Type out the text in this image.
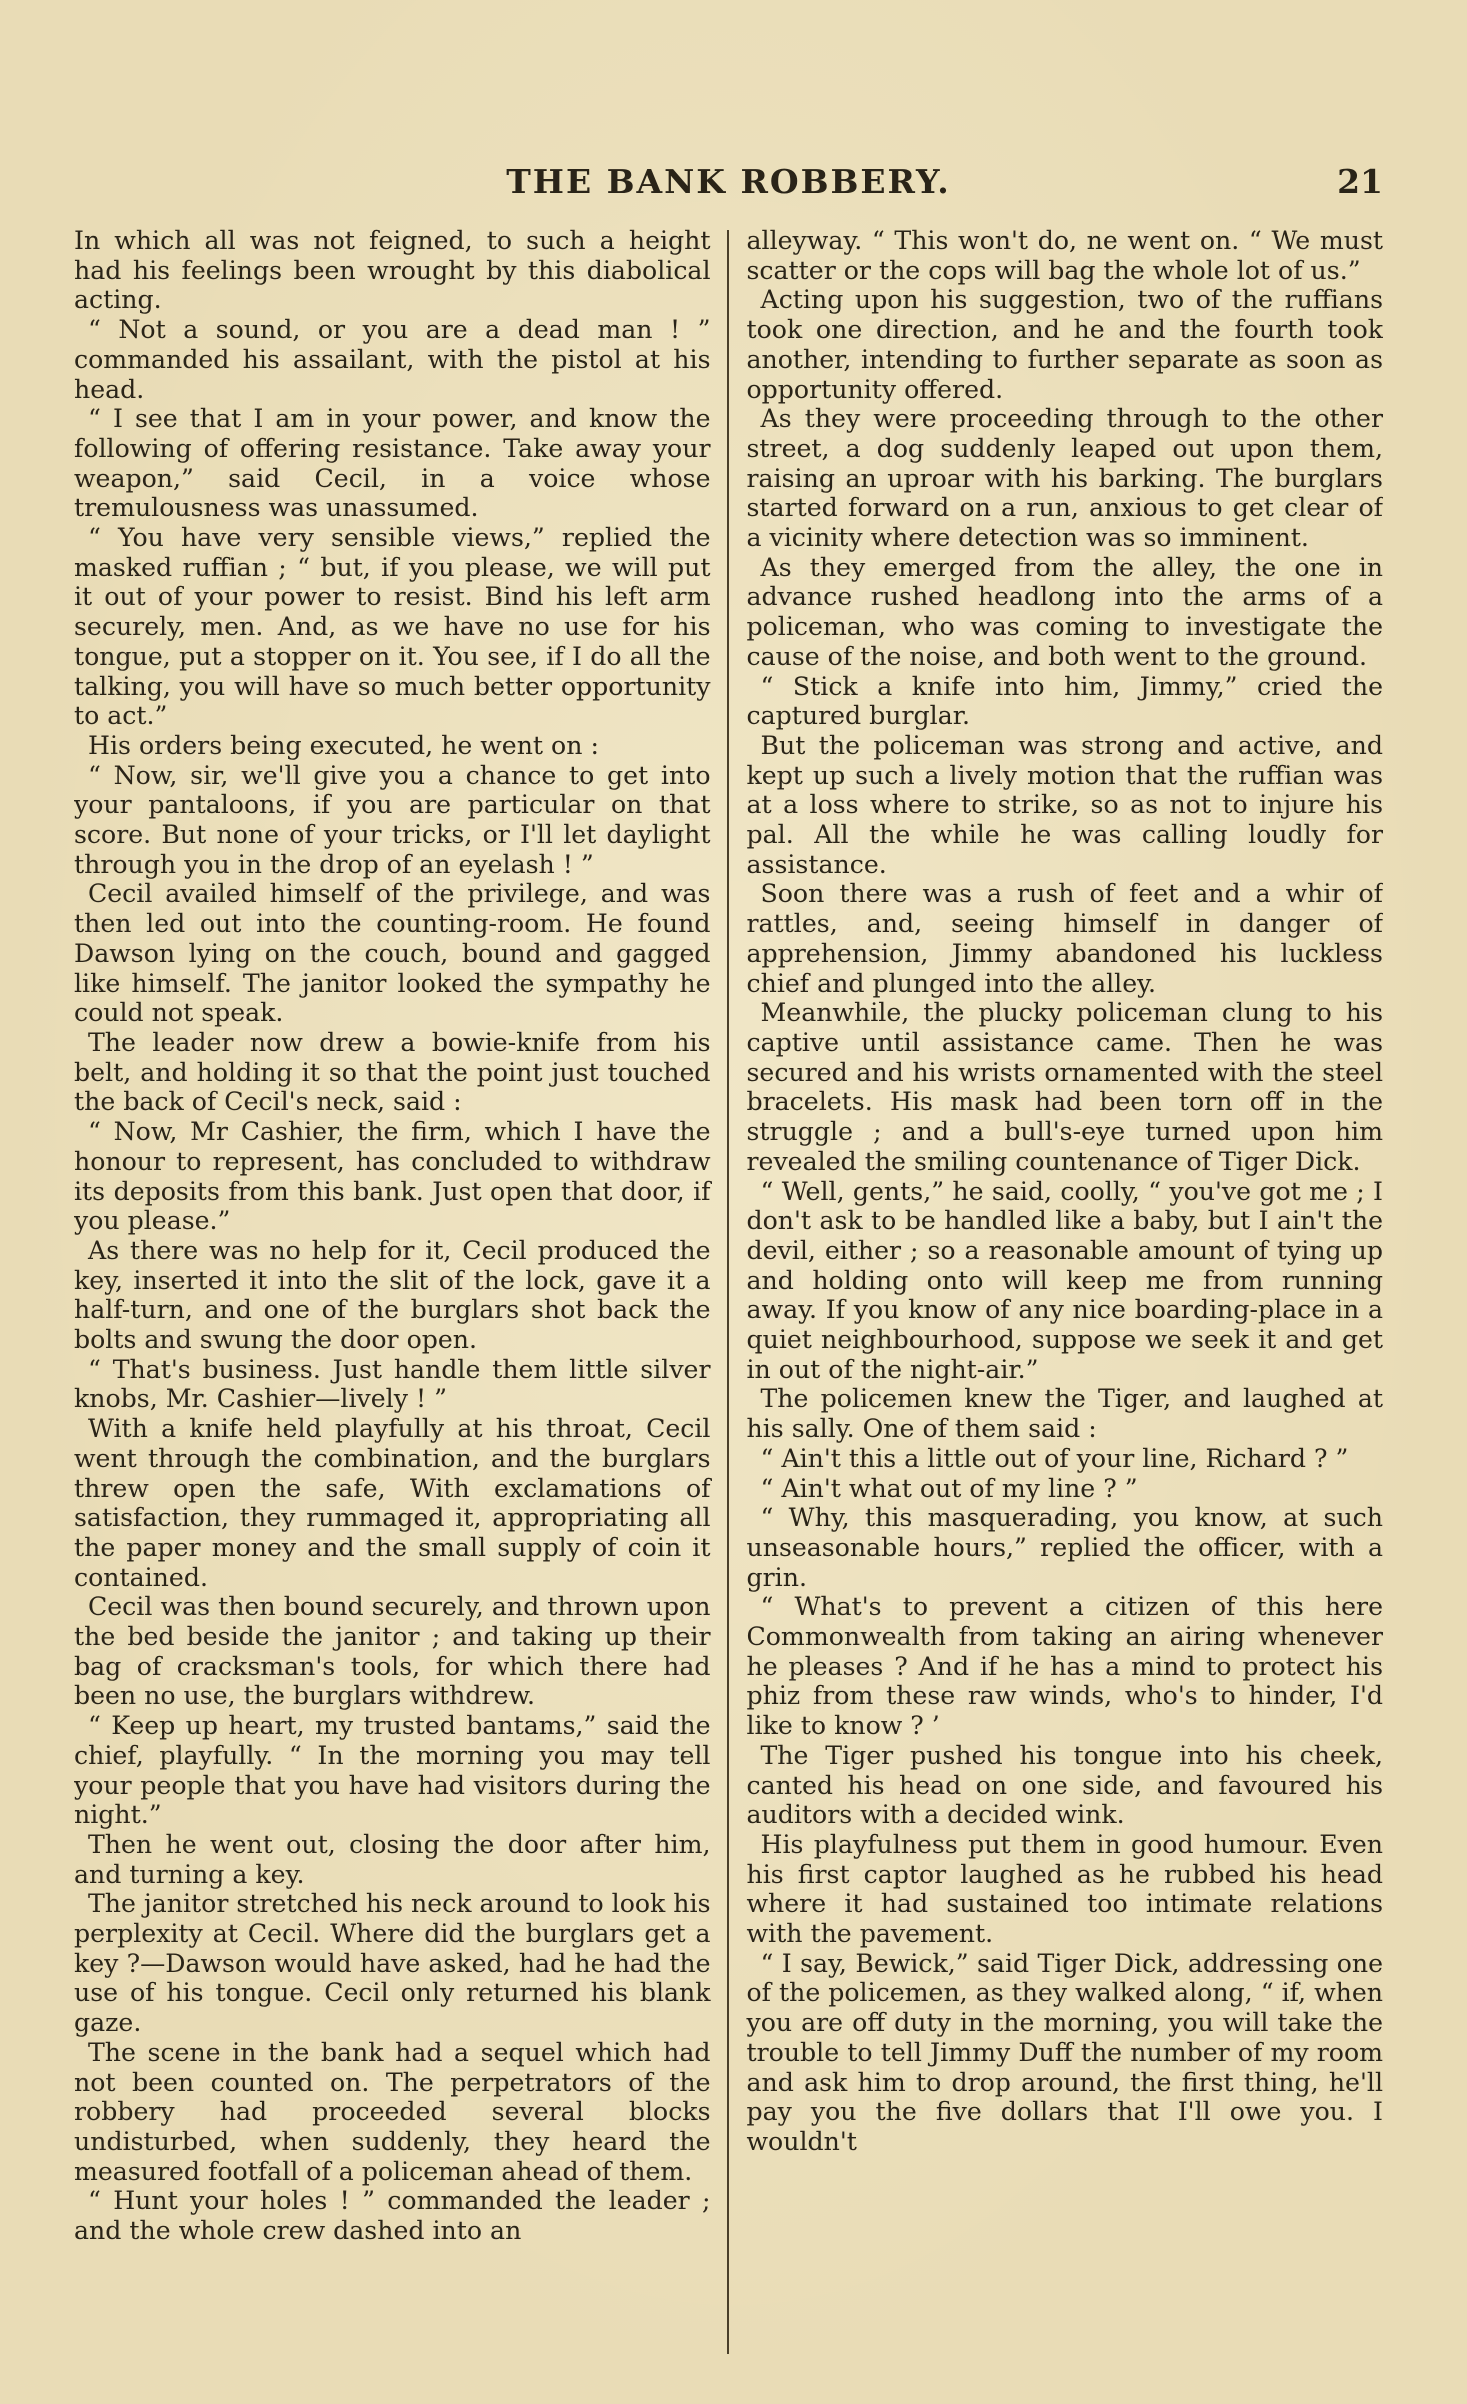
THE BANK ROBBERY.	21

In which all was not feigned, to such a height had his feelings been wrought by this diabolical acting.

“ Not a sound, or you are a dead man ! ” commanded his assailant, with the pistol at his head.

“ I see that I am in your power, and know the following of offering resistance. Take away your weapon,” said Cecil, in a voice whose tremulousness was unassumed.

“ You have very sensible views,” replied the masked ruffian ; “ but, if you please, we will put it out of your power to resist. Bind his left arm securely, men. And, as we have no use for his tongue, put a stopper on it. You see, if I do all the talking, you will have so much better opportunity to act.”

His orders being executed, he went on :

“ Now, sir, we'll give you a chance to get into your pantaloons, if you are particular on that score. But none of your tricks, or I'll let daylight through you in the drop of an eyelash ! ”

Cecil availed himself of the privilege, and was then led out into the counting-room. He found Dawson lying on the couch, bound and gagged like himself. The janitor looked the sympathy he could not speak.

The leader now drew a bowie-knife from his belt, and holding it so that the point just touched the back of Cecil's neck, said :

“ Now, Mr Cashier, the firm, which I have the honour to represent, has concluded to withdraw its deposits from this bank. Just open that door, if you please.”

As there was no help for it, Cecil produced the key, inserted it into the slit of the lock, gave it a half-turn, and one of the burglars shot back the bolts and swung the door open.

“ That's business. Just handle them little silver knobs, Mr. Cashier—lively ! ”

With a knife held playfully at his throat, Cecil went through the combination, and the burglars threw open the safe, With exclamations of satisfaction, they rummaged it, appropriating all the paper money and the small supply of coin it contained.

Cecil was then bound securely, and thrown upon the bed beside the janitor ; and taking up their bag of cracksman's tools, for which there had been no use, the burglars withdrew.

“ Keep up heart, my trusted bantams,” said the chief, playfully. “ In the morning you may tell your people that you have had visitors during the night.”

Then he went out, closing the door after him, and turning a key.

The janitor stretched his neck around to look his perplexity at Cecil. Where did the burglars get a key ?—Dawson would have asked, had he had the use of his tongue. Cecil only returned his blank gaze.

The scene in the bank had a sequel which had not been counted on. The perpetrators of the robbery had proceeded several blocks undisturbed, when suddenly, they heard the measured footfall of a policeman ahead of them.

“ Hunt your holes ! ” commanded the leader ; and the whole crew dashed into an

alleyway. “ This won't do, ne went on. “ We must scatter or the cops will bag the whole lot of us.”

Acting upon his suggestion, two of the ruffians took one direction, and he and the fourth took another, intending to further separate as soon as opportunity offered.

As they were proceeding through to the other street, a dog suddenly leaped out upon them, raising an uproar with his barking. The burglars started forward on a run, anxious to get clear of a vicinity where detection was so imminent.

As they emerged from the alley, the one in advance rushed headlong into the arms of a policeman, who was coming to investigate the cause of the noise, and both went to the ground.

“ Stick a knife into him, Jimmy,” cried the captured burglar.

But the policeman was strong and active, and kept up such a lively motion that the ruffian was at a loss where to strike, so as not to injure his pal. All the while he was calling loudly for assistance.

Soon there was a rush of feet and a whir of rattles, and, seeing himself in danger of apprehension, Jimmy abandoned his luckless chief and plunged into the alley.

Meanwhile, the plucky policeman clung to his captive until assistance came. Then he was secured and his wrists ornamented with the steel bracelets. His mask had been torn off in the struggle ; and a bull's-eye turned upon him revealed the smiling countenance of Tiger Dick.

“ Well, gents,” he said, coolly, “ you've got me ; I don't ask to be handled like a baby, but I ain't the devil, either ; so a reasonable amount of tying up and holding onto will keep me from running away. If you know of any nice boarding-place in a quiet neighbourhood, suppose we seek it and get in out of the night-air.”

The policemen knew the Tiger, and laughed at his sally. One of them said :

“ Ain't this a little out of your line, Richard ? ”

“ Ain't what out of my line ? ”

“ Why, this masquerading, you know, at such unseasonable hours,” replied the officer, with a grin.

“ What's to prevent a citizen of this here Commonwealth from taking an airing whenever he pleases ? And if he has a mind to protect his phiz from these raw winds, who's to hinder, I'd like to know ? ’

The Tiger pushed his tongue into his cheek, canted his head on one side, and favoured his auditors with a decided wink.

His playfulness put them in good humour. Even his first captor laughed as he rubbed his head where it had sustained too intimate relations with the pavement.

“ I say, Bewick,” said Tiger Dick, addressing one of the policemen, as they walked along, “ if, when you are off duty in the morning, you will take the trouble to tell Jimmy Duff the number of my room and ask him to drop around, the first thing, he'll pay you the five dollars that I'll owe you. I wouldn't
